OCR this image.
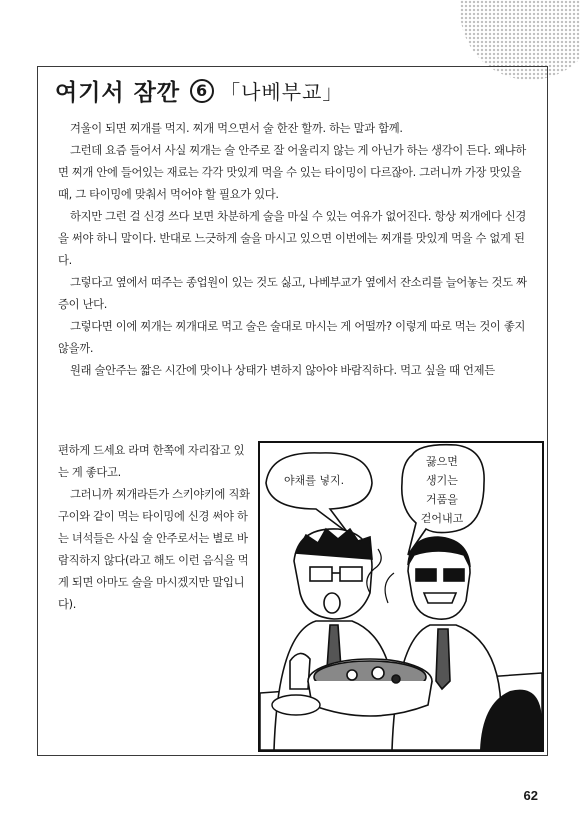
여기서 잠깐 6 「나베부교」

겨울이 되면 찌개를 먹지. 찌개 먹으면서 술 한잔 할까. 하는 말과 함께.

그런데 요즘 들어서 사실 찌개는 술 안주로 잘 어울리지 않는 게 아닌가 하는 생각이 든다. 왜냐하면 찌개 안에 들어있는 재료는 각각 맛있게 먹을 수 있는 타이밍이 다르잖아. 그러니까 가장 맛있을 때, 그 타이밍에 맞춰서 먹어야 할 필요가 있다.

하지만 그런 걸 신경 쓰다 보면 차분하게 술을 마실 수 있는 여유가 없어진다. 항상 찌개에다 신경을 써야 하니 말이다. 반대로 느긋하게 술을 마시고 있으면 이번에는 찌개를 맛있게 먹을 수 없게 된다.

그렇다고 옆에서 떠주는 종업원이 있는 것도 싫고, 나베부교가 옆에서 잔소리를 늘어놓는 것도 짜증이 난다.

그렇다면 이에 찌개는 찌개대로 먹고 술은 술대로 마시는 게 어떨까? 이렇게 따로 먹는 것이 좋지 않을까.

원래 술안주는 짧은 시간에 맛이나 상태가 변하지 않아야 바람직하다. 먹고 싶을 때 언제든

편하게 드세요 라며 한쪽에 자리잡고 있는 게 좋다고.

그러니까 찌개라든가 스키야키에 직화구이와 같이 먹는 타이밍에 신경 써야 하는 녀석들은 사실 술 안주로서는 별로 바람직하지 않다(라고 해도 이런 음식을 먹게 되면 아마도 술을 마시겠지만 말입니다).

야채를 넣지.
끓으면
생기는
거품을
걷어내고
62
